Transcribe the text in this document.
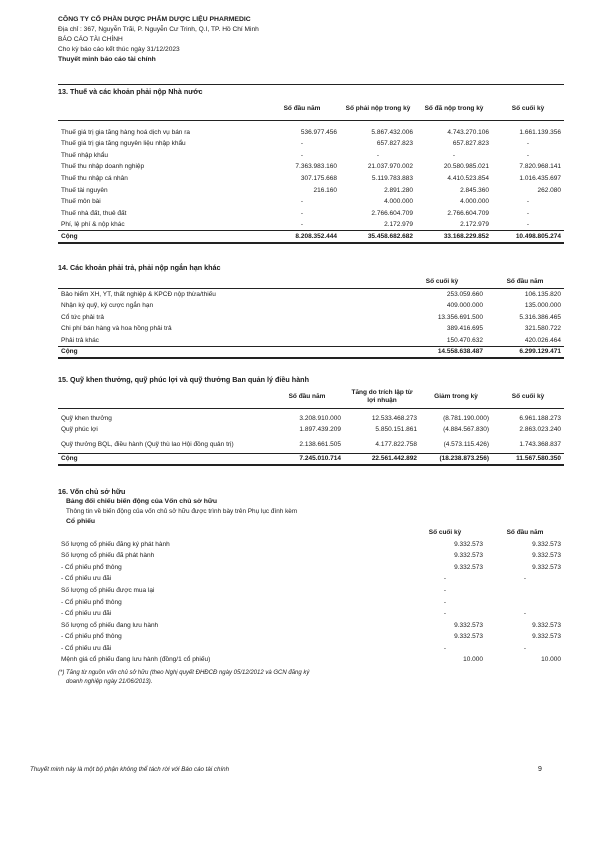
CÔNG TY CỔ PHẦN DƯỢC PHẨM DƯỢC LIỆU PHARMEDIC
Địa chỉ : 367, Nguyễn Trãi, P. Nguyễn Cư Trinh, Q.I, TP. Hồ Chí Minh
BÁO CÁO TÀI CHÍNH
Cho kỳ báo cáo kết thúc ngày 31/12/2023
Thuyết minh báo cáo tài chính
13. Thuế và các khoản phải nộp Nhà nước
	Số đầu năm	Số phải nộp trong kỳ	Số đã nộp trong kỳ	Số cuối kỳ

Thuế giá trị gia tăng hàng hoá dịch vụ bán ra	536.977.456	5.867.432.006	4.743.270.106	1.661.139.356
Thuế giá trị gia tăng nguyên liệu nhập khẩu	-	657.827.823	657.827.823	-
Thuế nhập khẩu	-	-	-	-
Thuế thu nhập doanh nghiệp	7.363.983.160	21.037.970.002	20.580.985.021	7.820.968.141
Thuế thu nhập cá nhân	307.175.668	5.119.783.883	4.410.523.854	1.016.435.697
Thuế tài nguyên	216.160	2.891.280	2.845.360	262.080
Thuế môn bài	-	4.000.000	4.000.000	-
Thuế nhà đất, thuê đất	-	2.766.604.709	2.766.604.709	-
Phí, lệ phí & nộp khác	-	2.172.979	2.172.979	-
Cộng	8.208.352.444	35.458.682.682	33.168.229.852	10.498.805.274
14. Các khoản phải trả, phải nộp ngắn hạn khác
	Số cuối kỳ	Số đầu năm
Bảo hiểm XH, YT, thất nghiệp & KPCĐ nộp thừa/thiếu	253.059.660	106.135.820
Nhận ký quỹ, ký cược ngắn hạn	409.000.000	135.000.000
Cổ tức phải trả	13.356.691.500	5.316.386.465
Chi phí bán hàng và hoa hồng phải trả	389.416.695	321.580.722
Phải trả khác	150.470.632	420.026.464
Cộng	14.558.638.487	6.299.129.471
15. Quỹ khen thưởng, quỹ phúc lợi và quỹ thưởng Ban quản lý điều hành
	Số đầu năm	Tăng do trích lập từ lợi nhuận	Giảm trong kỳ	Số cuối kỳ

Quỹ khen thưởng	3.208.910.000	12.533.468.273	(8.781.190.000)	6.961.188.273
Quỹ phúc lợi	1.897.439.209	5.850.151.861	(4.884.567.830)	2.863.023.240
Quỹ thưởng BQL, điều hành (Quỹ thù lao Hội đồng quản trị)	2.138.661.505	4.177.822.758	(4.573.115.426)	1.743.368.837
Cộng	7.245.010.714	22.561.442.892	(18.238.873.256)	11.567.580.350
16. Vốn chủ sở hữu
Bảng đối chiếu biến động của Vốn chủ sở hữu
Thông tin về biến động của vốn chủ sở hữu được trình bày trên Phụ lục đính kèm
Cổ phiếu
	Số cuối kỳ	Số đầu năm
Số lượng cổ phiếu đăng ký phát hành	9.332.573	9.332.573
Số lượng cổ phiếu đã phát hành	9.332.573	9.332.573
- Cổ phiếu phổ thông	9.332.573	9.332.573
- Cổ phiếu ưu đãi	-	-
Số lượng cổ phiếu được mua lại	-	
- Cổ phiếu phổ thông	-	
- Cổ phiếu ưu đãi	-	-
Số lượng cổ phiếu đang lưu hành	9.332.573	9.332.573
- Cổ phiếu phổ thông	9.332.573	9.332.573
- Cổ phiếu ưu đãi	-	-
Mệnh giá cổ phiếu đang lưu hành (đồng/1 cổ phiếu)	10.000	10.000
(*) Tăng từ nguồn vốn chủ sở hữu (theo Nghị quyết ĐHĐCĐ ngày 05/12/2012 và GCN đăng ký
doanh nghiệp ngày 21/06/2013).
Thuyết minh này là một bộ phận không thể tách rời với Báo cáo tài chính	9
